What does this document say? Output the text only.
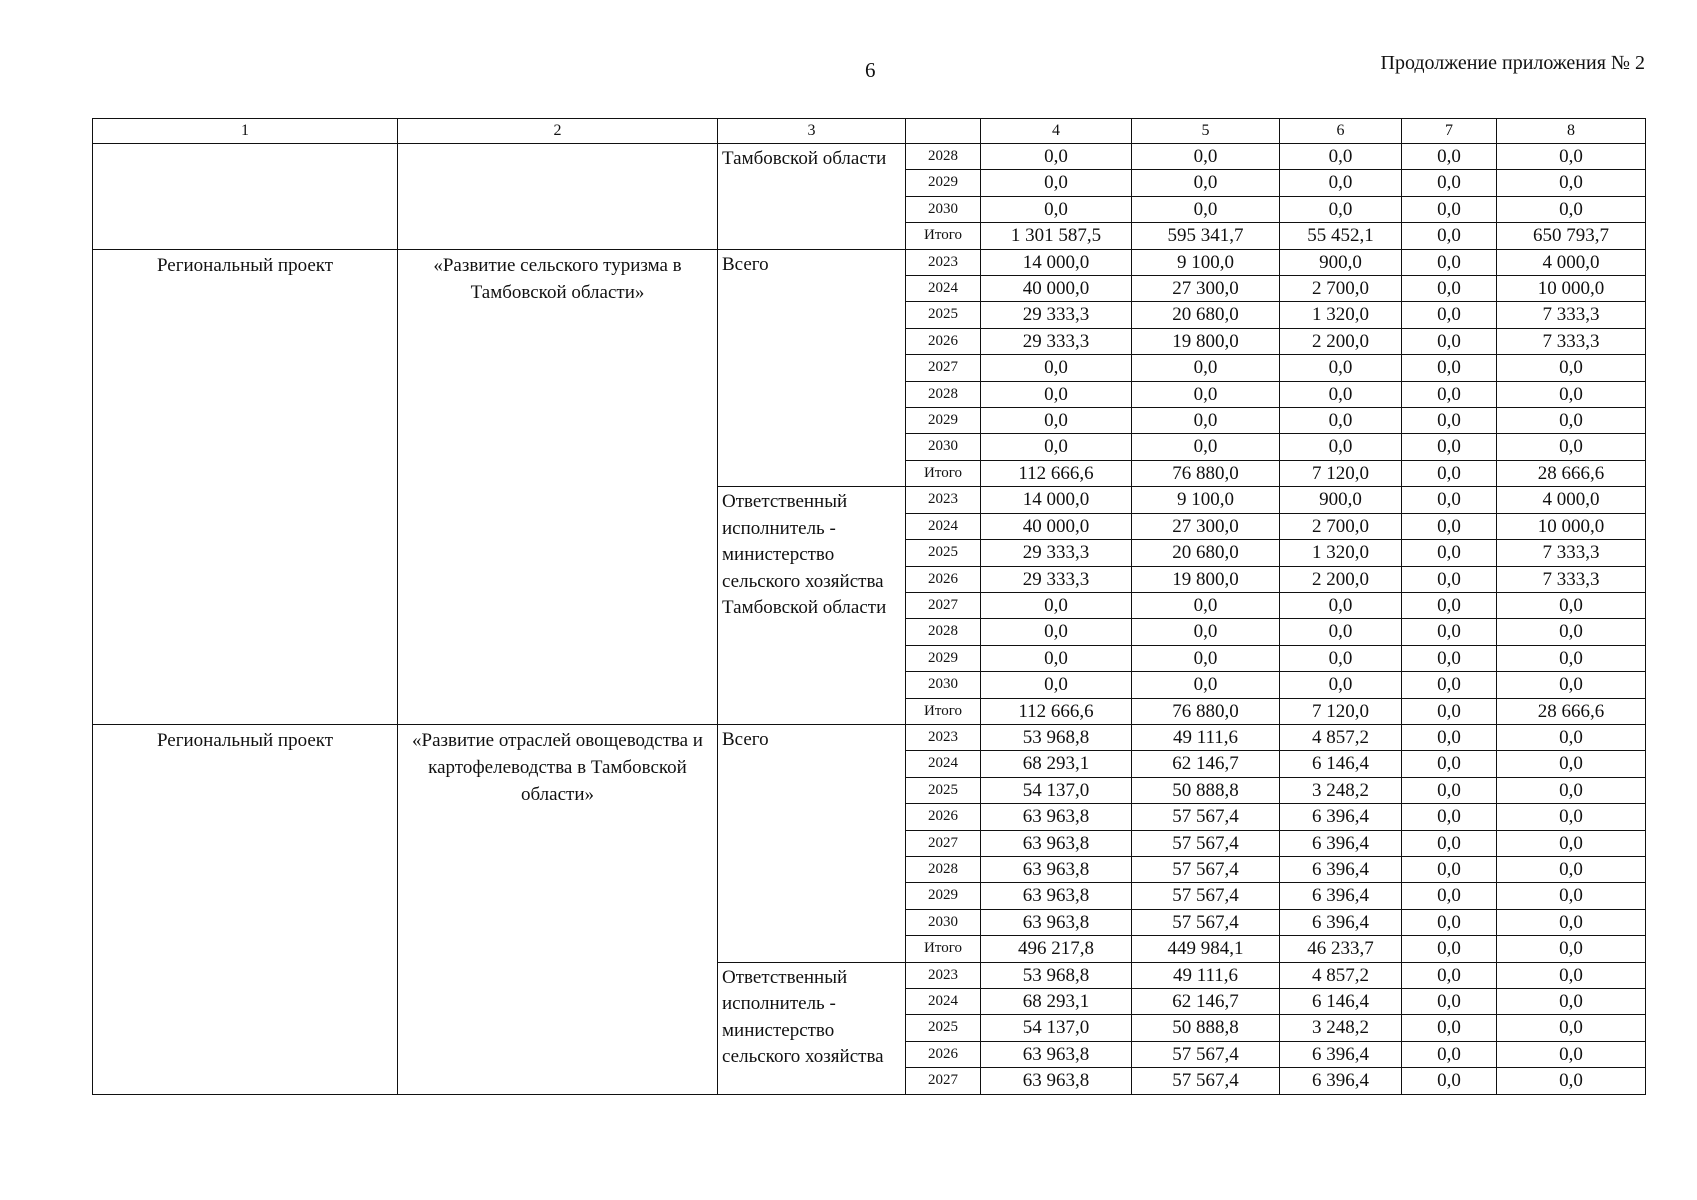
6	Продолжение приложения № 2
1	2	3		4	5	6	7	8
		Тамбовской области	2028	0,0	0,0	0,0	0,0	0,0
			2029	0,0	0,0	0,0	0,0	0,0
			2030	0,0	0,0	0,0	0,0	0,0
			Итого	1 301 587,5	595 341,7	55 452,1	0,0	650 793,7
Региональный проект	«Развитие сельского туризма в Тамбовской области»	Всего	2023	14 000,0	9 100,0	900,0	0,0	4 000,0
			2024	40 000,0	27 300,0	2 700,0	0,0	10 000,0
			2025	29 333,3	20 680,0	1 320,0	0,0	7 333,3
			2026	29 333,3	19 800,0	2 200,0	0,0	7 333,3
			2027	0,0	0,0	0,0	0,0	0,0
			2028	0,0	0,0	0,0	0,0	0,0
			2029	0,0	0,0	0,0	0,0	0,0
			2030	0,0	0,0	0,0	0,0	0,0
			Итого	112 666,6	76 880,0	7 120,0	0,0	28 666,6
		Ответственный исполнитель - министерство сельского хозяйства Тамбовской области	2023	14 000,0	9 100,0	900,0	0,0	4 000,0
			2024	40 000,0	27 300,0	2 700,0	0,0	10 000,0
			2025	29 333,3	20 680,0	1 320,0	0,0	7 333,3
			2026	29 333,3	19 800,0	2 200,0	0,0	7 333,3
			2027	0,0	0,0	0,0	0,0	0,0
			2028	0,0	0,0	0,0	0,0	0,0
			2029	0,0	0,0	0,0	0,0	0,0
			2030	0,0	0,0	0,0	0,0	0,0
			Итого	112 666,6	76 880,0	7 120,0	0,0	28 666,6
Региональный проект	«Развитие отраслей овощеводства и картофелеводства в Тамбовской области»	Всего	2023	53 968,8	49 111,6	4 857,2	0,0	0,0
			2024	68 293,1	62 146,7	6 146,4	0,0	0,0
			2025	54 137,0	50 888,8	3 248,2	0,0	0,0
			2026	63 963,8	57 567,4	6 396,4	0,0	0,0
			2027	63 963,8	57 567,4	6 396,4	0,0	0,0
			2028	63 963,8	57 567,4	6 396,4	0,0	0,0
			2029	63 963,8	57 567,4	6 396,4	0,0	0,0
			2030	63 963,8	57 567,4	6 396,4	0,0	0,0
			Итого	496 217,8	449 984,1	46 233,7	0,0	0,0
		Ответственный исполнитель - министерство сельского хозяйства	2023	53 968,8	49 111,6	4 857,2	0,0	0,0
			2024	68 293,1	62 146,7	6 146,4	0,0	0,0
			2025	54 137,0	50 888,8	3 248,2	0,0	0,0
			2026	63 963,8	57 567,4	6 396,4	0,0	0,0
			2027	63 963,8	57 567,4	6 396,4	0,0	0,0
